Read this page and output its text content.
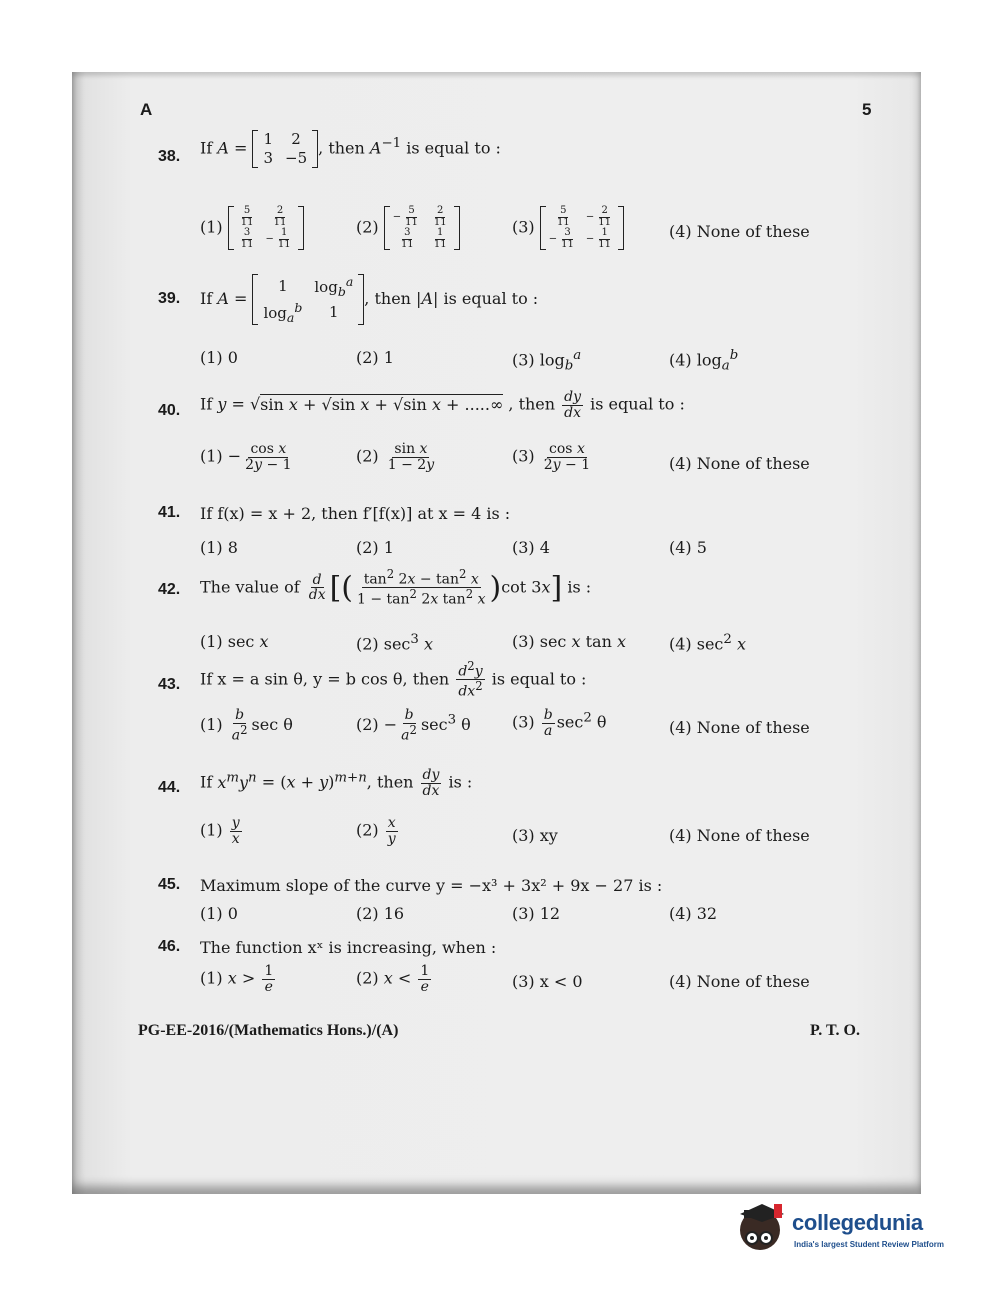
A	5
38. If A = 1	2
3	−5
, then $A^{-1}$ is equal to :
$(1) \frac{5}{11}$	$\frac{2}{11}$

$\frac{3}{11}$	− $\frac{1}{11}$
(2)
− $\frac{5}{11}$	$\frac{2}{11}$

$\frac{3}{11}$	$\frac{1}{11}$
$(3) \frac{5}{11}$	− $\frac{2}{11}$

− $\frac{3}{11}$	− $\frac{1}{11}$	(4) None of these
39. If A =
1	$\log_b^a$
$\log_a^b$	1
, then |A| is equal to :
(1) 0	(2) 1	(3) $\log_b^a$	(4) $\log_a^b$
40. If y = √sin x + √sin x + √sin x + .....∞ , then $\frac{dy}{dx}$ is equal to :
$(1) - \frac{\text{cos x}}{2y - 1}$	$(2) \frac{\text{sin x}}{1 - 2y}$	$(3) \frac{\text{cos x}}{2y - 1}$	(4) None of these
41. If f(x) = x + 2, then f′[f(x)] at x = 4 is :
(1) 8	(2) 1	(3) 4	(4) 5
42. The value of $\frac{d}{dx}$ [( $\frac{\tan^2 2x - \tan^2 x}{1 - \tan^2 2x \tan^2 x} )\cot$ 3x] is :
(1) sec x	(2) $\sec^3 x$	(3) sec x tan x	(4) $\sec^2 x$
43. If x = a sin θ, y = b cos θ, then $\frac{d^2y}{dx^2}$ is equal to :
$(1) \frac{b}{a^2}$ sec θ	$(2) - \frac{b}{a^2} \sec^3 \theta$	$(3) \frac{b}{a} \sec^2 \theta$	(4) None of these
44. If $x^my^n = (x + y)^{m+n}$, then $\frac{dy}{dx}$ is :
$(1) \frac{y}{x}$	$(2) \frac{x}{y}$	(3) xy	(4) None of these
45. Maximum slope of the curve y = −x³ + 3x² + 9x − 27 is :
(1) 0	(2) 16	(3) 12	(4) 32
46. The function xˣ is increasing, when :
(1) $x > \frac{1}{e}$	(2) $x < \frac{1}{e}$	(3) x < 0	(4) None of these
PG-EE-2016/(Mathematics Hons.)/(A)	P. T. O.
collegedunia
India's largest Student Review Platform
